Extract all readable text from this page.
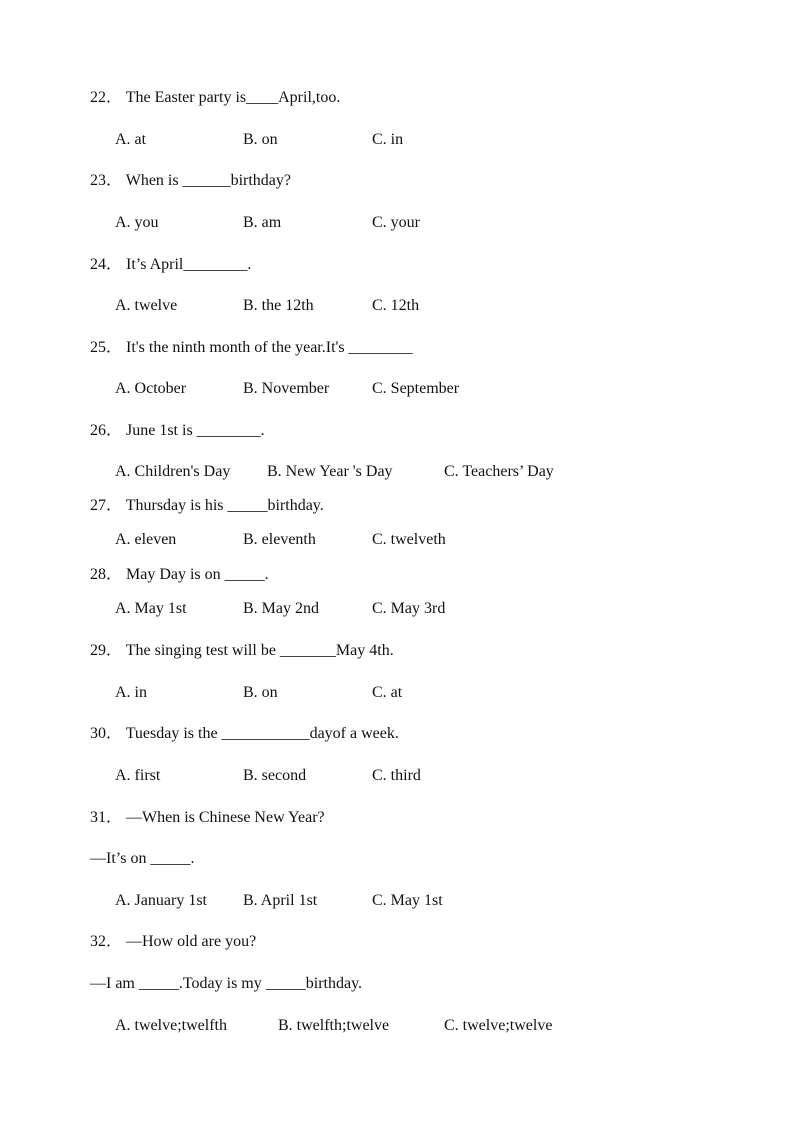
22． The Easter party is____April,too.
A. at	B. on	C. in
23． When is ______birthday?
A. you	B. am	C. your
24． It’s April________.
A. twelve	B. the 12th	C. 12th
25． It's the ninth month of the year.It's ________
A. October	B. November	C. September
26． June 1st is ________.
A. Children's Day B. New Year 's Day	C. Teachers’ Day
27． Thursday is his _____birthday.
A. eleven	B. eleventh	C. twelveth
28． May Day is on _____.
A. May 1st	B. May 2nd	C. May 3rd
29． The singing test will be _______May 4th.
A. in	B. on	C. at
30． Tuesday is the ___________dayof a week.
A. first	B. second	C. third
31． —When is Chinese New Year?
—It’s on _____.
A. January 1st B. April 1st	C. May 1st
32． —How old are you?
—I am _____.Today is my _____birthday.
A. twelve;twelfth	B. twelfth;twelve	C. twelve;twelve
